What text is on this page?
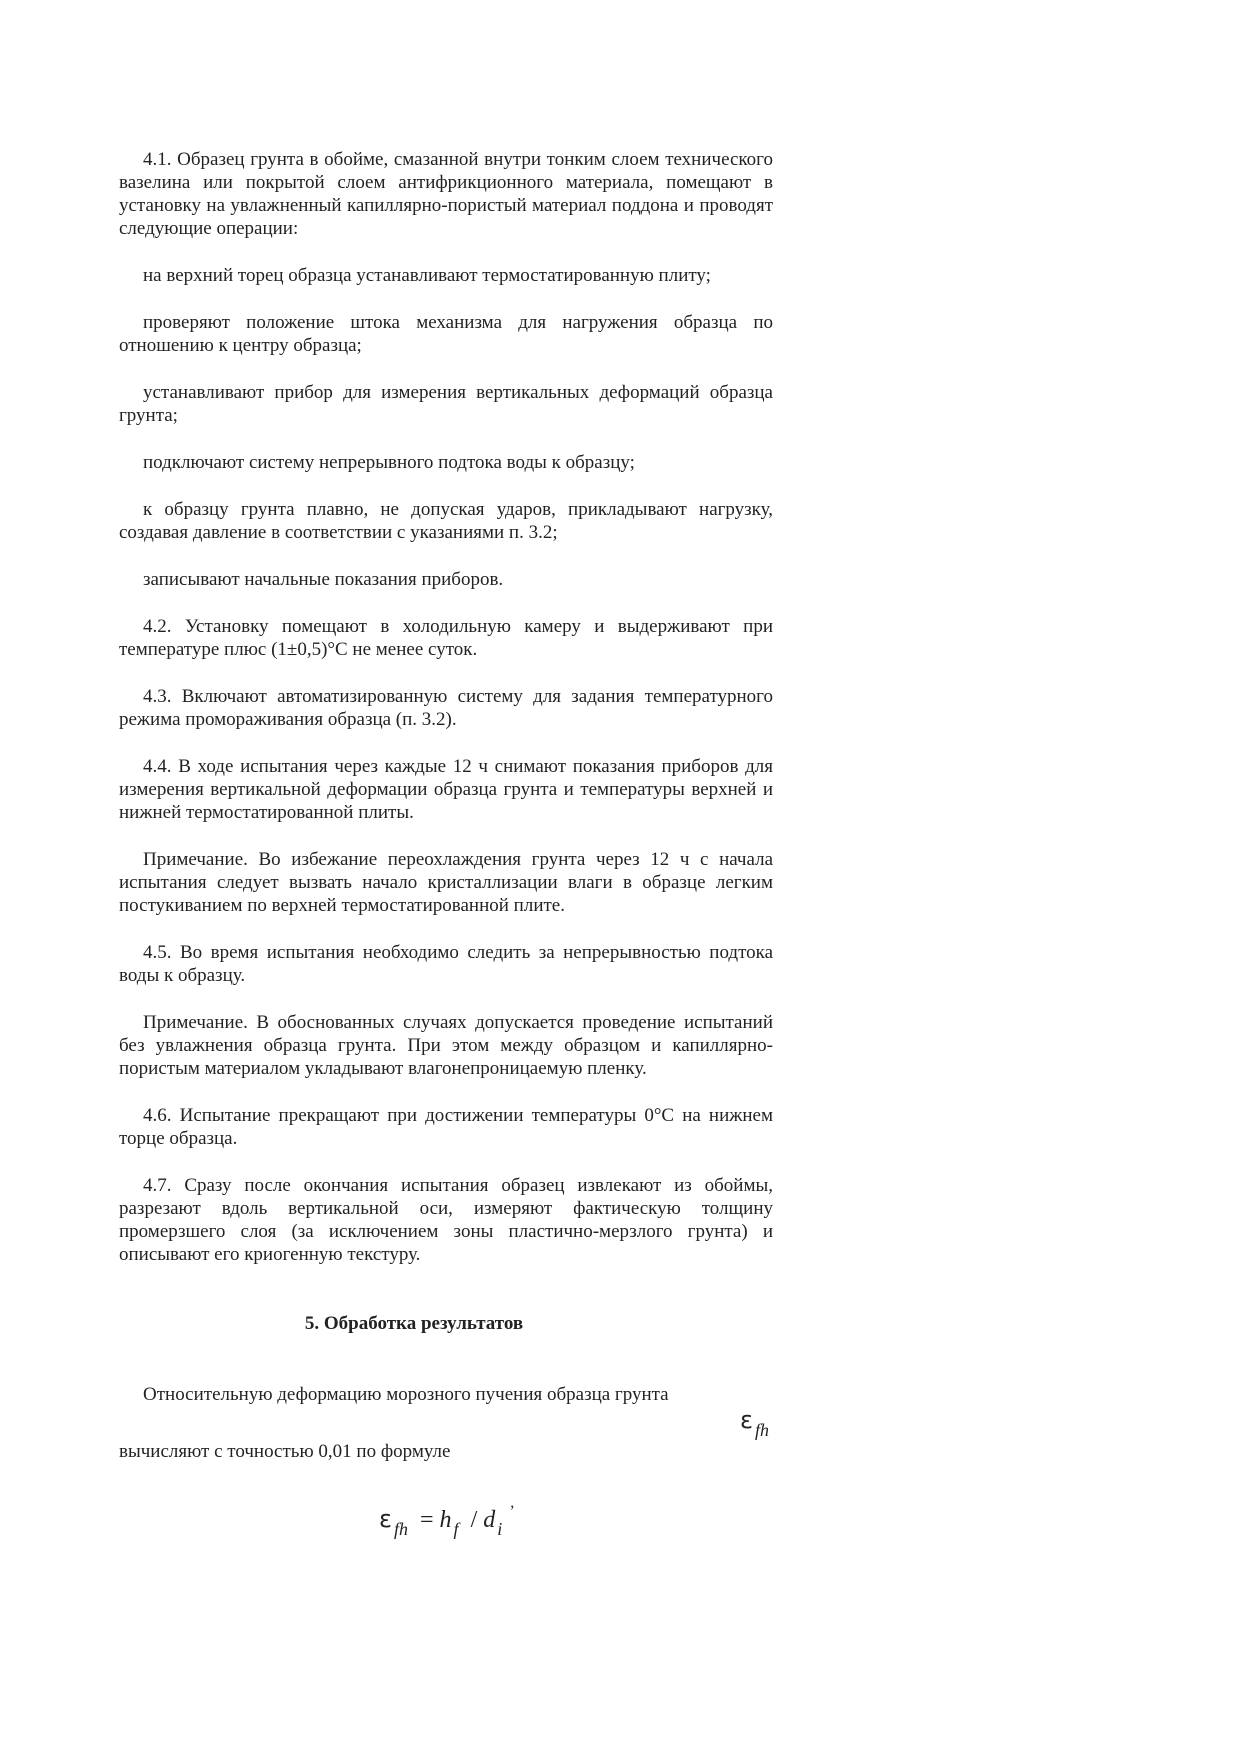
4.1. Образец грунта в обойме, смазанной внутри тонким слоем технического вазелина или покрытой слоем антифрикционного материала, помещают в установку на увлажненный капиллярно-пористый материал поддона и проводят следующие операции:

на верхний торец образца устанавливают термостатированную плиту;

проверяют положение штока механизма для нагружения образца по отношению к центру образца;

устанавливают прибор для измерения вертикальных деформаций образца грунта;

подключают систему непрерывного подтока воды к образцу;

к образцу грунта плавно, не допуская ударов, прикладывают нагрузку, создавая давление в соответствии с указаниями п. 3.2;

записывают начальные показания приборов.

4.2. Установку помещают в холодильную камеру и выдерживают при температуре плюс (1±0,5)°С не менее суток.

4.3. Включают автоматизированную систему для задания температурного режима промораживания образца (п. 3.2).

4.4. В ходе испытания через каждые 12 ч снимают показания приборов для измерения вертикальной деформации образца грунта и температуры верхней и нижней термостатированной плиты.

Примечание. Во избежание переохлаждения грунта через 12 ч с начала испытания следует вызвать начало кристаллизации влаги в образце легким постукиванием по верхней термостатированной плите.

4.5. Во время испытания необходимо следить за непрерывностью подтока воды к образцу.

Примечание. В обоснованных случаях допускается проведение испытаний без увлажнения образца грунта. При этом между образцом и капиллярно-пористым материалом укладывают влагонепроницаемую пленку.

4.6. Испытание прекращают при достижении температуры 0°С на нижнем торце образца.

4.7. Сразу после окончания испытания образец извлекают из обоймы, разрезают вдоль вертикальной оси, измеряют фактическую толщину промерзшего слоя (за исключением зоны пластично-мерзлого грунта) и описывают его криогенную текстуру.

5. Обработка результатов

Относительную деформацию морозного пучения образца грунта
ε $_{fh}$

вычисляют с точностью 0,01 по формуле

ε $_{fh}$ = h $_f$ / d $_i$,
